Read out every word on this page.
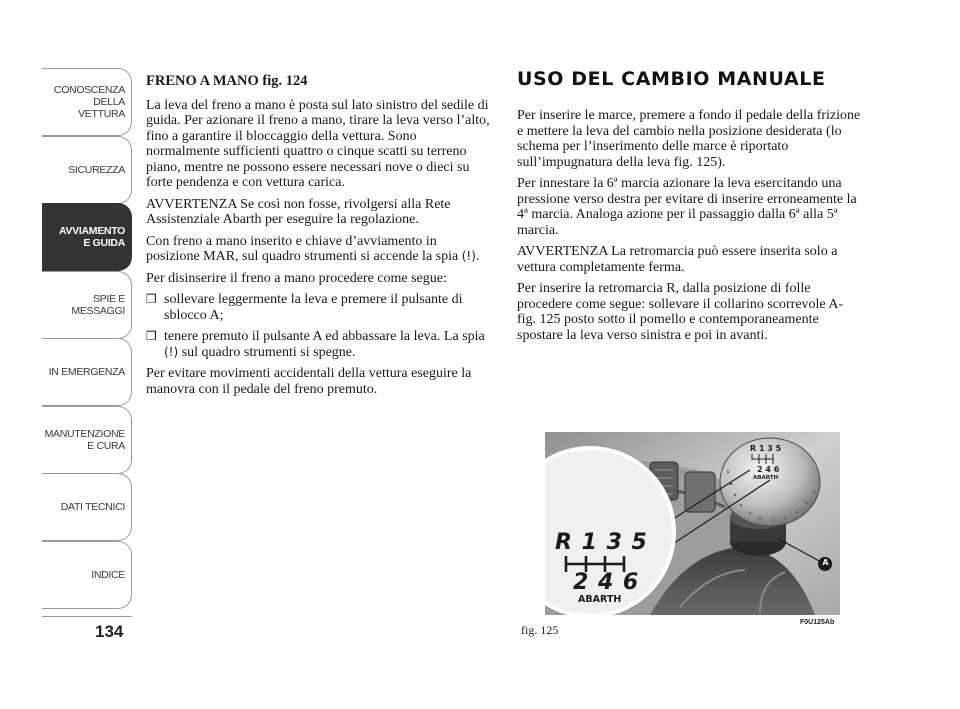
CONOSCENZA
DELLA
VETTURA
SICUREZZA
AVVIAMENTO
E GUIDA
SPIE E
MESSAGGI
IN EMERGENZA
MANUTENZIONE
E CURA
DATI TECNICI
INDICE
134

FRENO A MANO fig. 124

La leva del freno a mano è posta sul lato sinistro del sedile di guida. Per azionare il freno a mano, tirare la leva verso l’alto, fino a garantire il bloccaggio della vettura. Sono normalmente sufficienti quattro o cinque scatti su terreno piano, mentre ne possono essere necessari nove o dieci su forte pendenza e con vettura carica.

AVVERTENZA Se così non fosse, rivolgersi alla Rete Assistenziale Abarth per eseguire la regolazione.

Con freno a mano inserito e chiave d’avviamento in posizione MAR, sul quadro strumenti si accende la spia (!).

Per disinserire il freno a mano procedere come segue:

❒ sollevare leggermente la leva e premere il pulsante di sblocco A;
❒ tenere premuto il pulsante A ed abbassare la leva. La spia (!) sul quadro strumenti si spegne.

Per evitare movimenti accidentali della vettura eseguire la manovra con il pedale del freno premuto.

USO DEL CAMBIO MANUALE

Per inserire le marce, premere a fondo il pedale della frizione e mettere la leva del cambio nella posizione desiderata (lo schema per l’inserimento delle marce è riportato sull’impugnatura della leva fig. 125).

Per innestare la 6ª marcia azionare la leva esercitando una pressione verso destra per evitare di inserire erroneamente la 4ª marcia. Analoga azione per il passaggio dalla 6ª alla 5ª marcia.

AVVERTENZA La retromarcia può essere inserita solo a vettura completamente ferma.

Per inserire la retromarcia R, dalla posizione di folle procedere come segue: sollevare il collarino scorrevole A-fig. 125 posto sotto il pomello e contemporaneamente spostare la leva verso sinistra e poi in avanti.

R 1 3 5
2 4 6
ABARTH
R 1 3 5
2 4 6
ABARTH
A
fig. 125
F0U125Ab
